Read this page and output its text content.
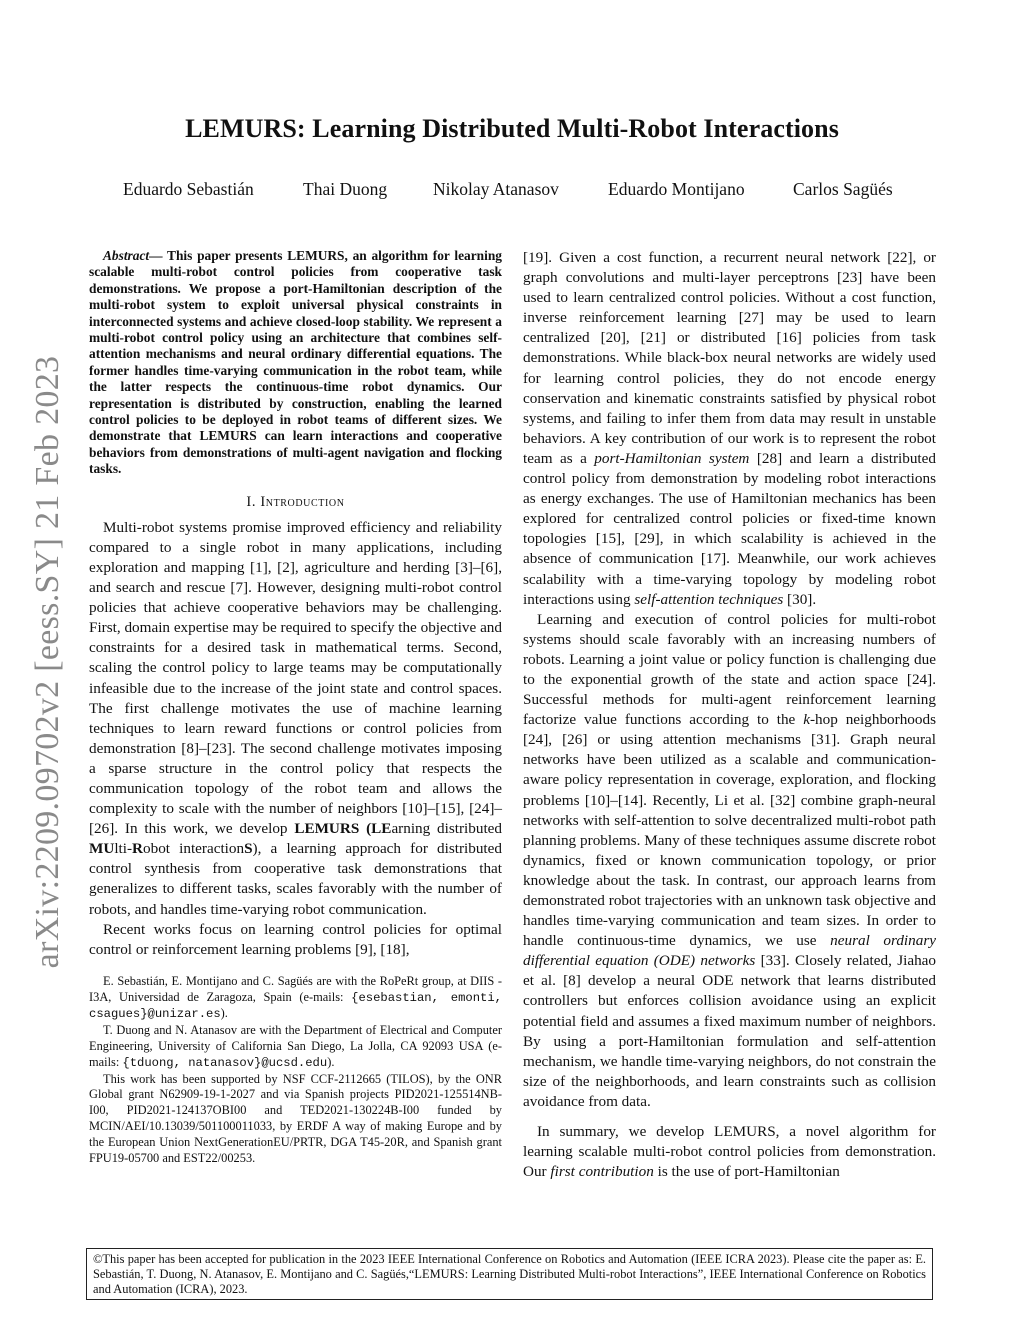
arXiv:2209.09702v2 [eess.SY] 21 Feb 2023
LEMURS: Learning Distributed Multi-Robot Interactions
Eduardo Sebastián	Thai Duong	Nikolay Atanasov	Eduardo Montijano	Carlos Sagüés

Abstract— This paper presents LEMURS, an algorithm for learning scalable multi-robot control policies from cooperative task demonstrations. We propose a port-Hamiltonian description of the multi-robot system to exploit universal physical constraints in interconnected systems and achieve closed-loop stability. We represent a multi-robot control policy using an architecture that combines self-attention mechanisms and neural ordinary differential equations. The former handles time-varying communication in the robot team, while the latter respects the continuous-time robot dynamics. Our representation is distributed by construction, enabling the learned control policies to be deployed in robot teams of different sizes. We demonstrate that LEMURS can learn interactions and cooperative behaviors from demonstrations of multi-agent navigation and flocking tasks.

I. Introduction

Multi-robot systems promise improved efficiency and reliability compared to a single robot in many applications, including exploration and mapping [1], [2], agriculture and herding [3]–[6], and search and rescue [7]. However, designing multi-robot control policies that achieve cooperative behaviors may be challenging. First, domain expertise may be required to specify the objective and constraints for a desired task in mathematical terms. Second, scaling the control policy to large teams may be computationally infeasible due to the increase of the joint state and control spaces. The first challenge motivates the use of machine learning techniques to learn reward functions or control policies from demonstration [8]–[23]. The second challenge motivates imposing a sparse structure in the control policy that respects the communication topology of the robot team and allows the complexity to scale with the number of neighbors [10]–[15], [24]–[26]. In this work, we develop LEMURS (LEarning distributed MUlti-Robot interactionS), a learning approach for distributed control synthesis from cooperative task demonstrations that generalizes to different tasks, scales favorably with the number of robots, and handles time-varying robot communication.

Recent works focus on learning control policies for optimal control or reinforcement learning problems [9], [18],

E. Sebastián, E. Montijano and C. Sagüés are with the RoPeRt group, at DIIS - I3A, Universidad de Zaragoza, Spain (e-mails: {esebastian, emonti, csagues}@unizar.es).

T. Duong and N. Atanasov are with the Department of Electrical and Computer Engineering, University of California San Diego, La Jolla, CA 92093 USA (e-mails: {tduong, natanasov}@ucsd.edu).

This work has been supported by NSF CCF-2112665 (TILOS), by the ONR Global grant N62909-19-1-2027 and via Spanish projects PID2021-125514NB-I00, PID2021-124137OBI00 and TED2021-130224B-I00 funded by MCIN/AEI/10.13039/501100011033, by ERDF A way of making Europe and by the European Union NextGenerationEU/PRTR, DGA T45-20R, and Spanish grant FPU19-05700 and EST22/00253.

[19]. Given a cost function, a recurrent neural network [22], or graph convolutions and multi-layer perceptrons [23] have been used to learn centralized control policies. Without a cost function, inverse reinforcement learning [27] may be used to learn centralized [20], [21] or distributed [16] policies from task demonstrations. While black-box neural networks are widely used for learning control policies, they do not encode energy conservation and kinematic constraints satisfied by physical robot systems, and failing to infer them from data may result in unstable behaviors. A key contribution of our work is to represent the robot team as a port-Hamiltonian system [28] and learn a distributed control policy from demonstration by modeling robot interactions as energy exchanges. The use of Hamiltonian mechanics has been explored for centralized control policies or fixed-time known topologies [15], [29], in which scalability is achieved in the absence of communication [17]. Meanwhile, our work achieves scalability with a time-varying topology by modeling robot interactions using self-attention techniques [30].

Learning and execution of control policies for multi-robot systems should scale favorably with an increasing numbers of robots. Learning a joint value or policy function is challenging due to the exponential growth of the state and action space [24]. Successful methods for multi-agent reinforcement learning factorize value functions according to the k-hop neighborhoods [24], [26] or using attention mechanisms [31]. Graph neural networks have been utilized as a scalable and communication-aware policy representation in coverage, exploration, and flocking problems [10]–[14]. Recently, Li et al. [32] combine graph-neural networks with self-attention to solve decentralized multi-robot path planning problems. Many of these techniques assume discrete robot dynamics, fixed or known communication topology, or prior knowledge about the task. In contrast, our approach learns from demonstrated robot trajectories with an unknown task objective and handles time-varying communication and team sizes. In order to handle continuous-time dynamics, we use neural ordinary differential equation (ODE) networks [33]. Closely related, Jiahao et al. [8] develop a neural ODE network that learns distributed controllers but enforces collision avoidance using an explicit potential field and assumes a fixed maximum number of neighbors. By using a port-Hamiltonian formulation and self-attention mechanism, we handle time-varying neighbors, do not constrain the size of the neighborhoods, and learn constraints such as collision avoidance from data.

In summary, we develop LEMURS, a novel algorithm for learning scalable multi-robot control policies from demonstration. Our first contribution is the use of port-Hamiltonian

©This paper has been accepted for publication in the 2023 IEEE International Conference on Robotics and Automation (IEEE ICRA 2023). Please cite the paper as: E. Sebastián, T. Duong, N. Atanasov, E. Montijano and C. Sagüés,“LEMURS: Learning Distributed Multi-robot Interactions”, IEEE International Conference on Robotics and Automation (ICRA), 2023.
